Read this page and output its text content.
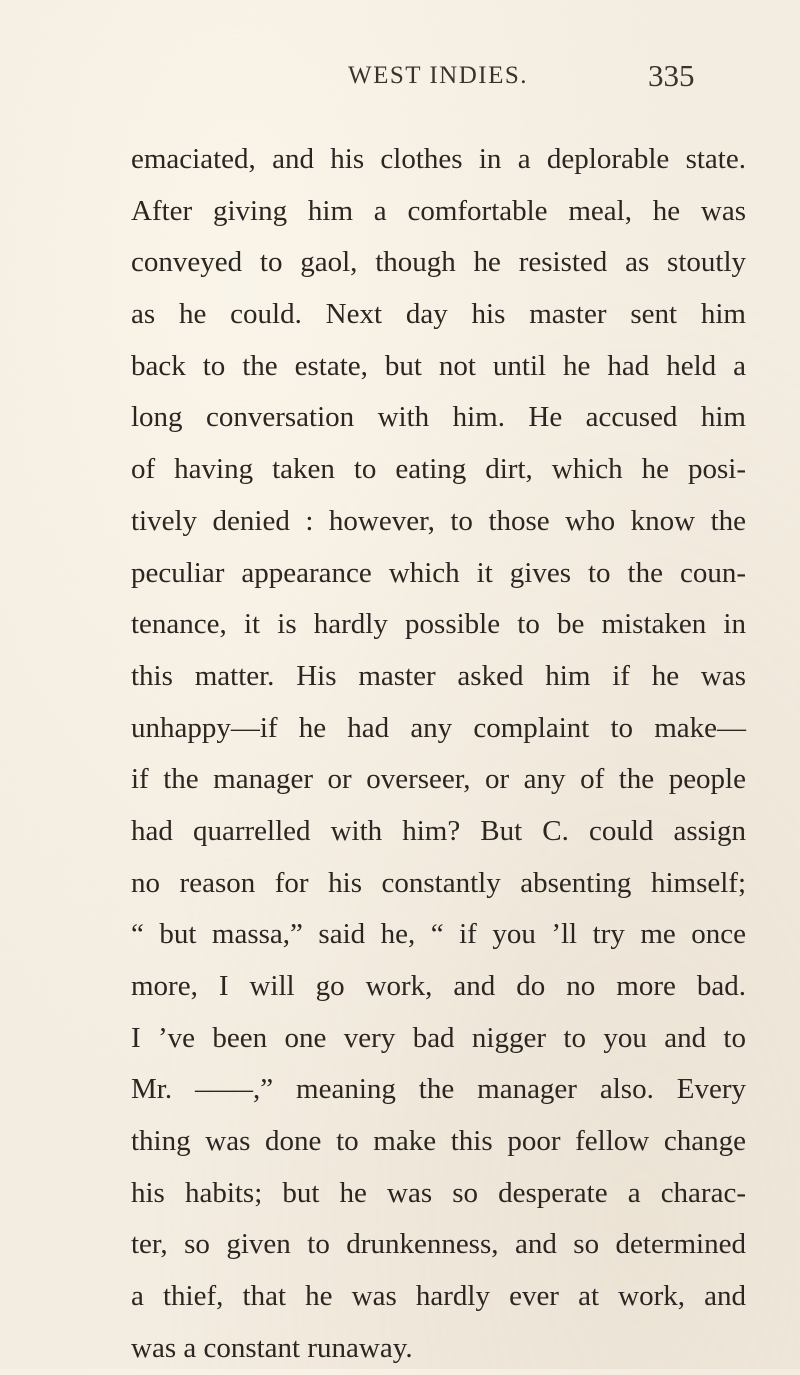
WEST INDIES.	335
emaciated, and his clothes in a deplorable state.
After giving him a comfortable meal, he was
conveyed to gaol, though he resisted as stoutly
as he could. Next day his master sent him
back to the estate, but not until he had held a
long conversation with him. He accused him
of having taken to eating dirt, which he posi-
tively denied : however, to those who know the
peculiar appearance which it gives to the coun-
tenance, it is hardly possible to be mistaken in
this matter. His master asked him if he was
unhappy—if he had any complaint to make—
if the manager or overseer, or any of the people
had quarrelled with him? But C. could assign
no reason for his constantly absenting himself;
“ but massa,” said he, “ if you ’ll try me once
more, I will go work, and do no more bad.
I ’ve been one very bad nigger to you and to
Mr. ——,” meaning the manager also. Every
thing was done to make this poor fellow change
his habits; but he was so desperate a charac-
ter, so given to drunkenness, and so determined
a thief, that he was hardly ever at work, and
was a constant runaway.
